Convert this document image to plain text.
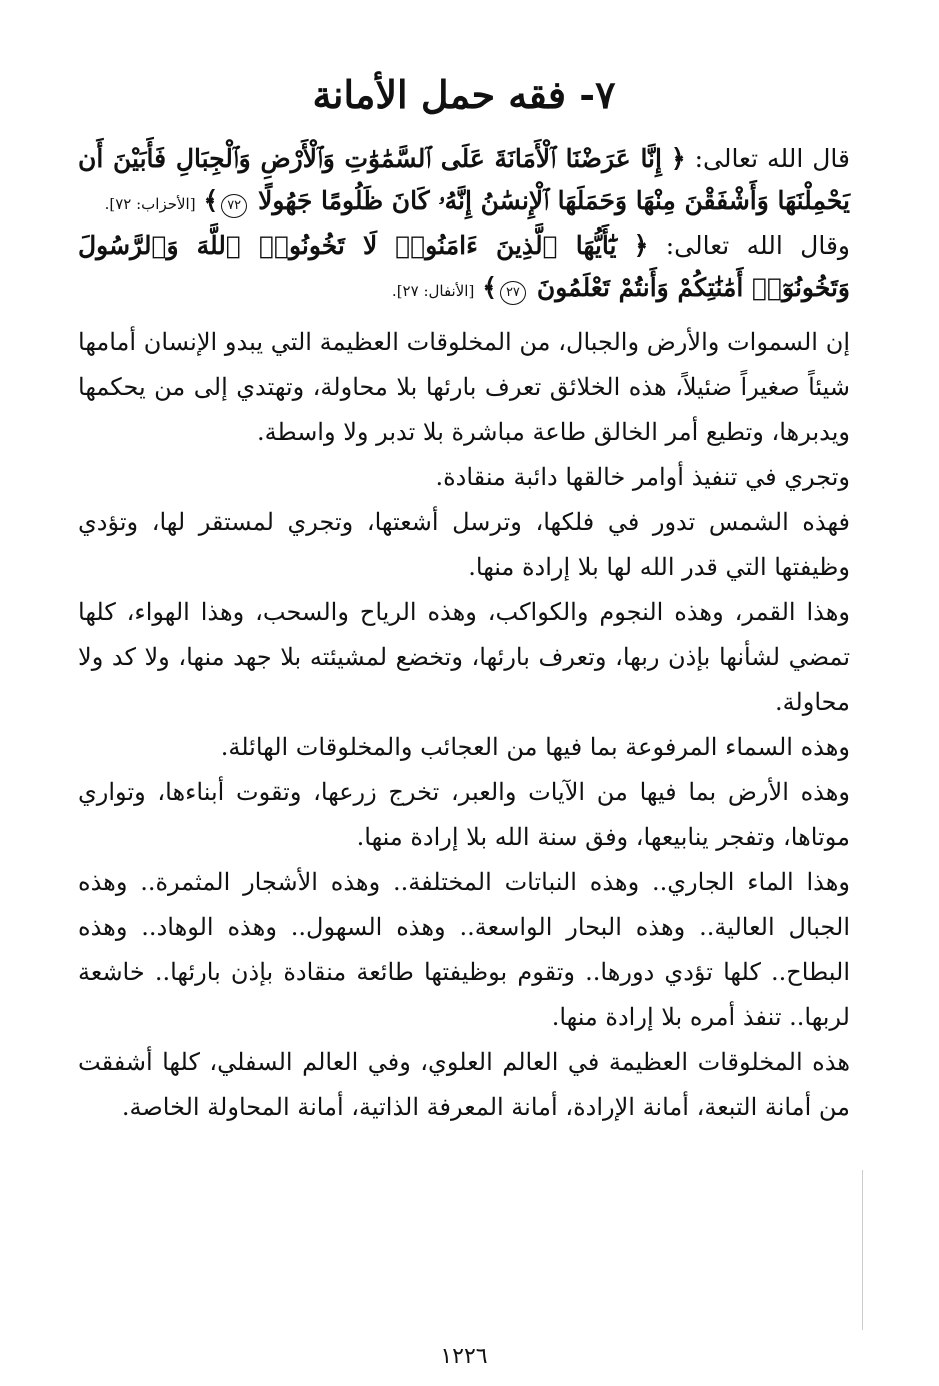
٧- فقه حمل الأمانة

قال الله تعالى: ﴿ إِنَّا عَرَضْنَا ٱلْأَمَانَةَ عَلَى ٱلسَّمَٰوَٰتِ وَٱلْأَرْضِ وَٱلْجِبَالِ فَأَبَيْنَ أَن يَحْمِلْنَهَا وَأَشْفَقْنَ مِنْهَا وَحَمَلَهَا ٱلْإِنسَٰنُ إِنَّهُۥ كَانَ ظَلُومًا جَهُولًا ٧٢﴾ [الأحزاب: ٧٢].

وقال الله تعالى: ﴿ يَٰٓأَيُّهَا ٱلَّذِينَ ءَامَنُوا۟ لَا تَخُونُوا۟ ٱللَّهَ وَٱلرَّسُولَ وَتَخُونُوٓا۟ أَمَٰنَٰتِكُمْ وَأَنتُمْ تَعْلَمُونَ ٢٧﴾ [الأنفال: ٢٧].

إن السموات والأرض والجبال، من المخلوقات العظيمة التي يبدو الإنسان أمامها شيئاً صغيراً ضئيلاً، هذه الخلائق تعرف بارئها بلا محاولة، وتهتدي إلى من يحكمها ويدبرها، وتطيع أمر الخالق طاعة مباشرة بلا تدبر ولا واسطة.

وتجري في تنفيذ أوامر خالقها دائبة منقادة.

فهذه الشمس تدور في فلكها، وترسل أشعتها، وتجري لمستقر لها، وتؤدي وظيفتها التي قدر الله لها بلا إرادة منها.

وهذا القمر، وهذه النجوم والكواكب، وهذه الرياح والسحب، وهذا الهواء، كلها تمضي لشأنها بإذن ربها، وتعرف بارئها، وتخضع لمشيئته بلا جهد منها، ولا كد ولا محاولة.

وهذه السماء المرفوعة بما فيها من العجائب والمخلوقات الهائلة.

وهذه الأرض بما فيها من الآيات والعبر، تخرج زرعها، وتقوت أبناءها، وتواري موتاها، وتفجر ينابيعها، وفق سنة الله بلا إرادة منها.

وهذا الماء الجاري.. وهذه النباتات المختلفة.. وهذه الأشجار المثمرة.. وهذه الجبال العالية.. وهذه البحار الواسعة.. وهذه السهول.. وهذه الوهاد.. وهذه البطاح.. كلها تؤدي دورها.. وتقوم بوظيفتها طائعة منقادة بإذن بارئها.. خاشعة لربها.. تنفذ أمره بلا إرادة منها.

هذه المخلوقات العظيمة في العالم العلوي، وفي العالم السفلي، كلها أشفقت من أمانة التبعة، أمانة الإرادة، أمانة المعرفة الذاتية، أمانة المحاولة الخاصة.

١٢٢٦
